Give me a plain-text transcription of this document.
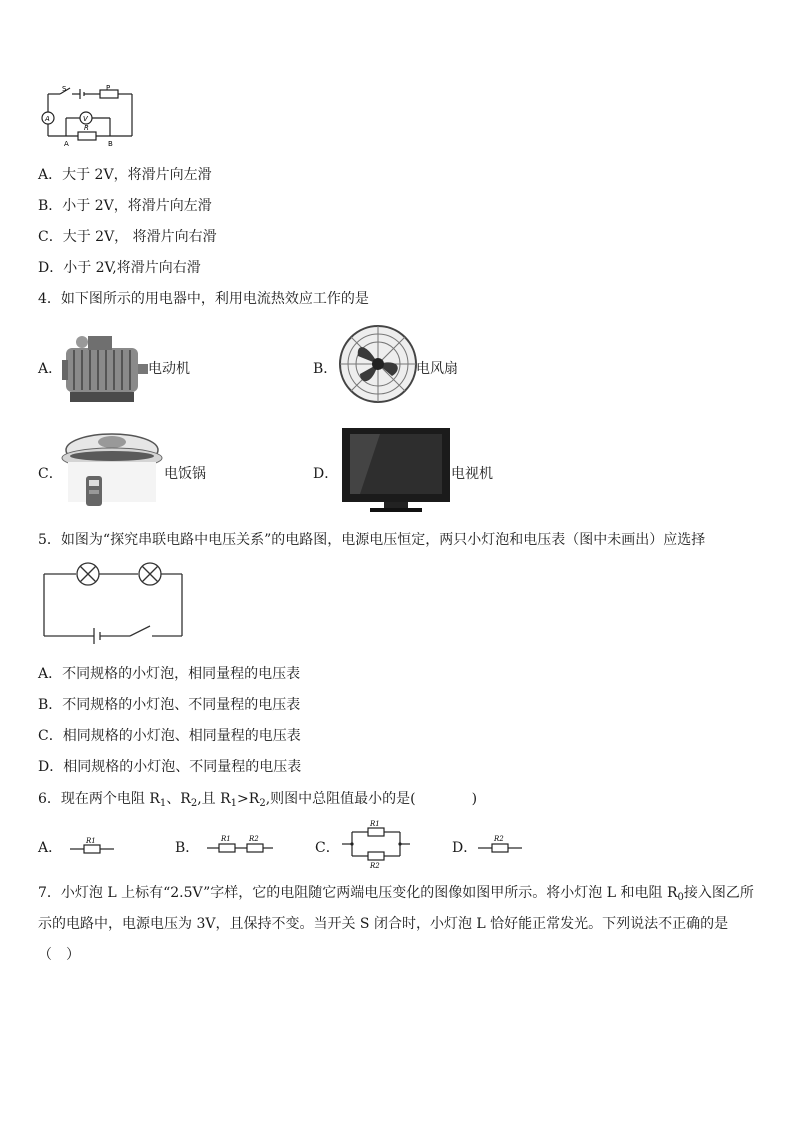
S	P
A	V
R
A	B
A．大于 2V，将滑片向左滑
B．小于 2V，将滑片向左滑
C．大于 2V， 将滑片向右滑
D．小于 2V,将滑片向右滑
4．如下图所示的用电器中，利用电流热效应工作的是
A．	电动机	B．	电风扇
C．	电饭锅	D．	电视机
5．如图为“探究串联电路中电压关系”的电路图，电源电压恒定，两只小灯泡和电压表（图中未画出）应选择
A．不同规格的小灯泡，相同量程的电压表
B．不同规格的小灯泡、不同量程的电压表
C．相同规格的小灯泡、相同量程的电压表
D．相同规格的小灯泡、不同量程的电压表
6．现在两个电阻 $R_1$、$R_2$,且 $R_1>R_2$,则图中总阻值最小的是(　　　　)
A．	R1	B．
R1	R2
C．
R1
R2
D．
R2
7．小灯泡 L 上标有“2.5V”字样，它的电阻随它两端电压变化的图像如图甲所示。将小灯泡 L 和电阻 $R_0$接入图乙所
示的电路中，电源电压为 3V，且保持不变。当开关 S 闭合时，小灯泡 L 恰好能正常发光。下列说法不正确的是
（　）
